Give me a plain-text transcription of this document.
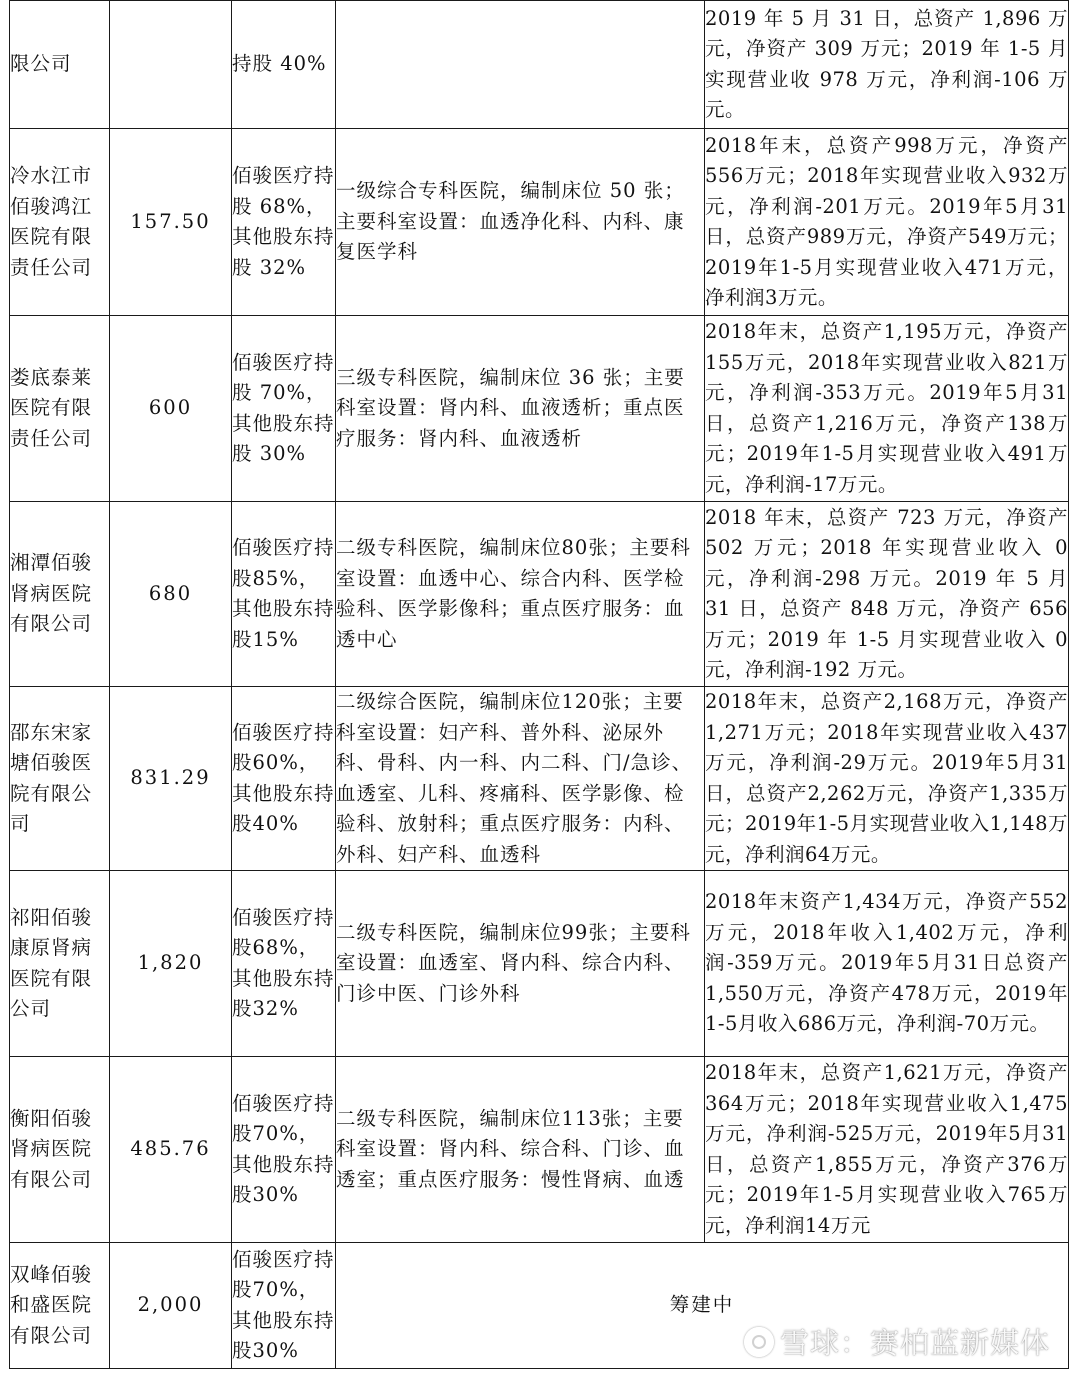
限公司		持股 40%		2019 年 5 月 31 日，总资产 1,896 万元，净资产 309 万元；2019 年 1-5 月实现营业收 978 万元，净利润-106 万元。
冷水江市佰骏鸿江医院有限责任公司	157.50	佰骏医疗持股 68%，其他股东持股 32%	一级综合专科医院，编制床位 50 张；主要科室设置：血透净化科、内科、康复医学科	2018年末，总资产998万元，净资产556万元；2018年实现营业收入932万元，净利润-201万元。2019年5月31日，总资产989万元，净资产549万元；2019年1-5月实现营业收入471万元，净利润3万元。
娄底泰莱医院有限责任公司	600	佰骏医疗持股 70%，其他股东持股 30%	三级专科医院，编制床位 36 张；主要科室设置：肾内科、血液透析；重点医疗服务：肾内科、血液透析	2018年末，总资产1,195万元，净资产155万元，2018年实现营业收入821万元，净利润-353万元。2019年5月31日，总资产1,216万元，净资产138万元；2019年1-5月实现营业收入491万元，净利润-17万元。
湘潭佰骏肾病医院有限公司	680	佰骏医疗持股85%，其他股东持股15%	二级专科医院，编制床位80张；主要科室设置：血透中心、综合内科、医学检验科、医学影像科；重点医疗服务：血透中心	2018 年末，总资产 723 万元，净资产 502 万元；2018 年实现营业收入 0 元，净利润-298 万元。2019 年 5 月 31 日，总资产 848 万元，净资产 656 万元；2019 年 1-5 月实现营业收入 0 元，净利润-192 万元。
邵东宋家塘佰骏医院有限公司	831.29	佰骏医疗持股60%，其他股东持股40%	二级综合医院，编制床位120张；主要科室设置：妇产科、普外科、泌尿外科、骨科、内一科、内二科、门/急诊、血透室、儿科、疼痛科、医学影像、检验科、放射科；重点医疗服务：内科、外科、妇产科、血透科	2018年末，总资产2,168万元，净资产1,271万元；2018年实现营业收入437万元，净利润-29万元。2019年5月31日，总资产2,262万元，净资产1,335万元；2019年1-5月实现营业收入1,148万元，净利润64万元。
祁阳佰骏康原肾病医院有限公司	1,820	佰骏医疗持股68%，其他股东持股32%	二级专科医院，编制床位99张；主要科室设置：血透室、肾内科、综合内科、门诊中医、门诊外科	2018年末资产1,434万元，净资产552万元，2018年收入1,402万元，净利润-359万元。2019年5月31日总资产1,550万元，净资产478万元，2019年1-5月收入686万元，净利润-70万元。
衡阳佰骏肾病医院有限公司	485.76	佰骏医疗持股70%，其他股东持股30%	二级专科医院，编制床位113张；主要科室设置：肾内科、综合科、门诊、血透室；重点医疗服务：慢性肾病、血透	2018年末，总资产1,621万元，净资产364万元；2018年实现营业收入1,475万元，净利润-525万元，2019年5月31日，总资产1,855万元，净资产376万元；2019年1-5月实现营业收入765万元，净利润14万元
双峰佰骏和盛医院有限公司	2,000	佰骏医疗持股70%，其他股东持股30%	筹建中	
雪球：赛柏蓝新媒体
